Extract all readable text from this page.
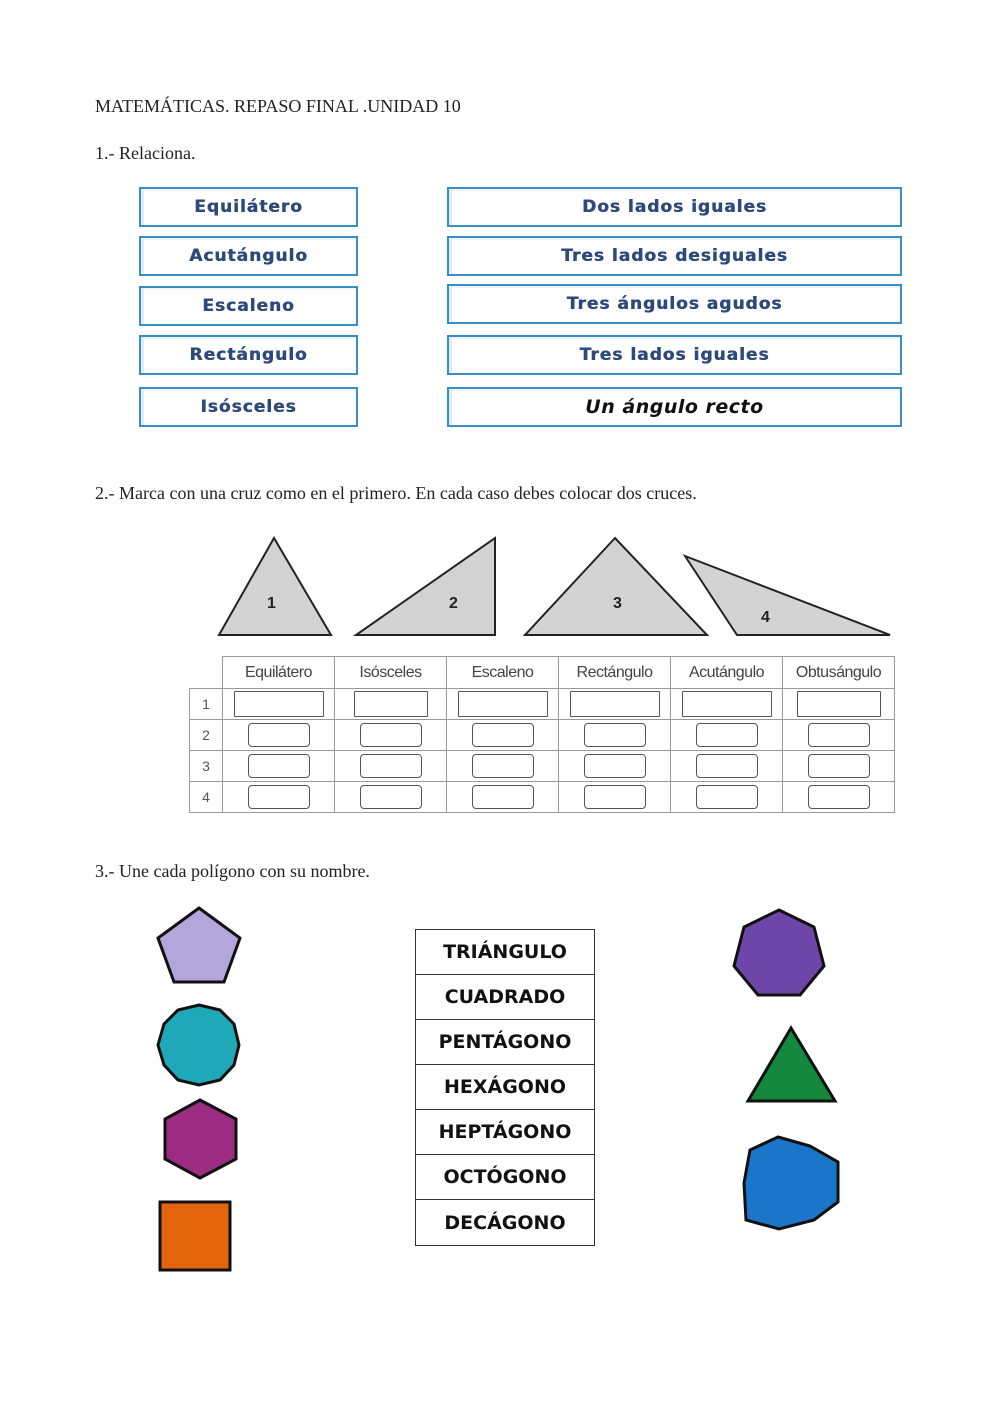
MATEMÁTICAS. REPASO FINAL .UNIDAD 10
1.- Relaciona.
Equilátero
Acutángulo
Escaleno
Rectángulo
Isósceles
Dos lados iguales
Tres lados desiguales
Tres ángulos agudos
Tres lados iguales
Un ángulo recto
2.- Marca con una cruz como en el primero. En cada caso debes colocar dos cruces.
1	2	3
4
	Equilátero	Isósceles	Escaleno	Rectángulo	Acutángulo	Obtusángulo
1						
2						
3						
4						
3.- Une cada polígono con su nombre.
TRIÁNGULO
CUADRADO
PENTÁGONO
HEXÁGONO
HEPTÁGONO
OCTÓGONO
DECÁGONO
